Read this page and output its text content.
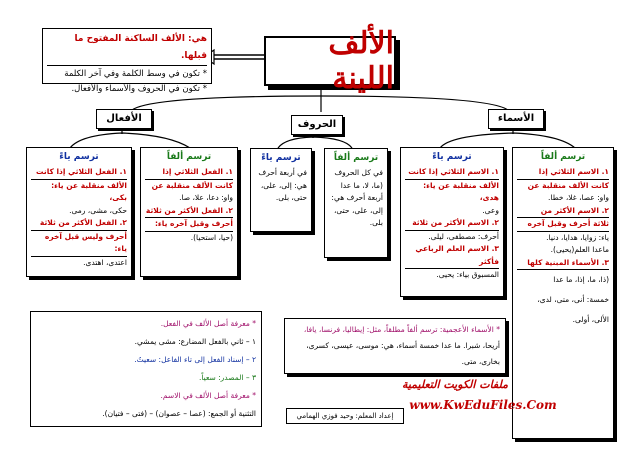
الألف اللينة
هي: الألف الساكنة المفتوح ما قبلها.
* تكون في وسط الكلمة وفي آخر الكلمة
* تكون في الحروف والأسماء والأفعال.
الأفعال
الحروف
الأسماء
ترسم ياءً
١. الفعل الثلاثي إذا كانت
الألف منقلبة عن ياء: بكى،
حكى، مشى، رمى.
٢. الفعل الأكثر من ثلاثة
أحرف وليس قبل آخره ياء:
اعتدى، اهتدى.
ترسم ألفاً
١. الفعل الثلاثي إذا
كانت الألف منقلبة عن
واو: دعا، علا، صا.
٢. الفعل الأكثر من ثلاثة
أحرف وقبل آخره ياء:
(حيا، استحيا).
ترسم ياءً
في أربعة أحرف
هي: إلى، على،
حتى، بلى.
ترسم ألفاً
في كل الحروف
(ما، لا، ما عدا
أربعة أحرف هي:
إلى، على، حتى،
بلى.
ترسم ياءً
١. الاسم الثلاثي إذا كانت
الألف منقلبة عن ياء: هدى،
وعى.
٢. الاسم الأكثر من ثلاثة
أحرف: مصطفى، ليلى.
٣. الاسم العلم الرباعي فأكثر
المسبوق بياء: يحيى.
ترسم ألفاً
١. الاسم الثلاثي إذا
كانت الألف منقلبة عن
واو: عصا، غلا، خطا.
٢. الاسم الأكثر من
ثلاثة أحرف وقبل آخره
ياء: زوايا، هدايا، دنيا.
ماعدا العلم(يحيى).
٣. الأسماء المبنية كلها
(ذا، ما، إذا، ما عدا
خمسة: أنى، متى، لدى،
الألى، أولى.
* الأسماء الأعجمية: ترسم ألفاً مطلقاً، مثل: إيطاليا، فرنسا، يافا،
أريحا، شبرا. ما عدا خمسة أسماء، هي: موسى، عيسى، كسرى،
بخارى، متى.
* معرفة أصل الألف في الفعل.
١ – ثاني بالفعل المضارع: مشى يمشي.
٢ – إسناد الفعل إلى تاء الفاعل: سعيتُ.
٣ – المصدر: سعياً.
* معرفة أصل الألف في الاسم.
التثنية أو الجمع: (عصا – عصوان) – (فتى – فتيان).	إعداد المعلم: وحيد فوزي الهمامي
ملفات الكويت التعليمية
www.KwEduFiles.Com
